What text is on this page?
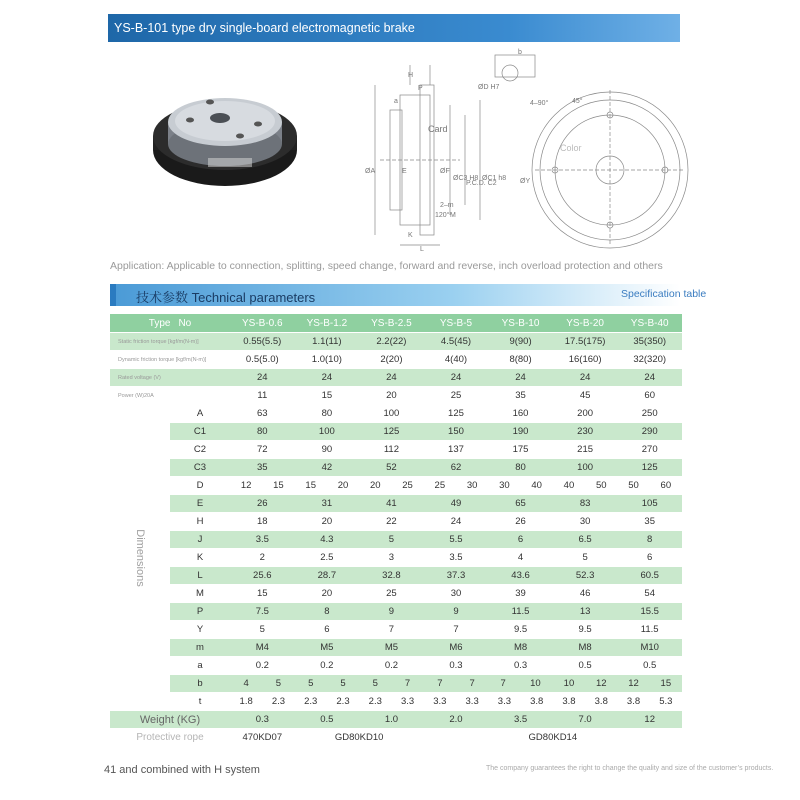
YS-B-101 type dry single-board electromagnetic brake
H
P
a
b
ØD H7
Card
Color
ØA	ØF
ØC3 H8
P.C.D. C2
ØC1 h8
2–m
120° M
K
L
4–90°	45°
ØY
E
Application: Applicable to connection, splitting, speed change, forward and reverse, inch overload protection and others
技术参数 Technical parameters	Specification table
Type No		YS-B-0.6	YS-B-1.2	YS-B-2.5	YS-B-5	YS-B-10	YS-B-20	YS-B-40
Static friction torque [kgf/m(N-m)]		0.55(5.5)	1.1(11)	2.2(22)	4.5(45)	9(90)	17.5(175)	35(350)
Dynamic friction torque [kgf/m(N-m)]		0.5(5.0)	1.0(10)	2(20)	4(40)	8(80)	16(160)	32(320)
Rated voltage (V)		24	24	24	24	24	24	24
Power (W)20A		11	15	20	25	35	45	60

Dimensions	A	63	80	100	125	160	200	250
	C1	80	100	125	150	190	230	290
	C2	72	90	112	137	175	215	270
	C3	35	42	52	62	80	100	125
	D	12 15	15 20	20 25	25 30	30 40	40 50	50 60

	E	26	31	41	49	65	83	105
	H	18	20	22	24	26	30	35
	J	3.5	4.3	5	5.5	6	6.5	8
	K	2	2.5	3	3.5	4	5	6
	L	25.6	28.7	32.8	37.3	43.6	52.3	60.5
	M	15	20	25	30	39	46	54
	P	7.5	8	9	9	11.5	13	15.5
	Y	5	6	7	7	9.5	9.5	11.5
	m	M4	M5	M5	M6	M8	M8	M10
	a	0.2	0.2	0.2	0.3	0.3	0.5	0.5
	b	4 5	5 5	5 7	7 7	7 10	10 12	12 15

	t	1.8 2.3	2.3 2.3	2.3 3.3	3.3 3.3	3.3 3.8	3.8 3.8	3.8 5.3

Weight (KG)		0.3	0.5	1.0	2.0	3.5	7.0	12
Protective rope		470KD07	GD80KD10		GD80KD14			
41 and combined with H system	The company guarantees the right to change the quality and size of the customer’s products.
